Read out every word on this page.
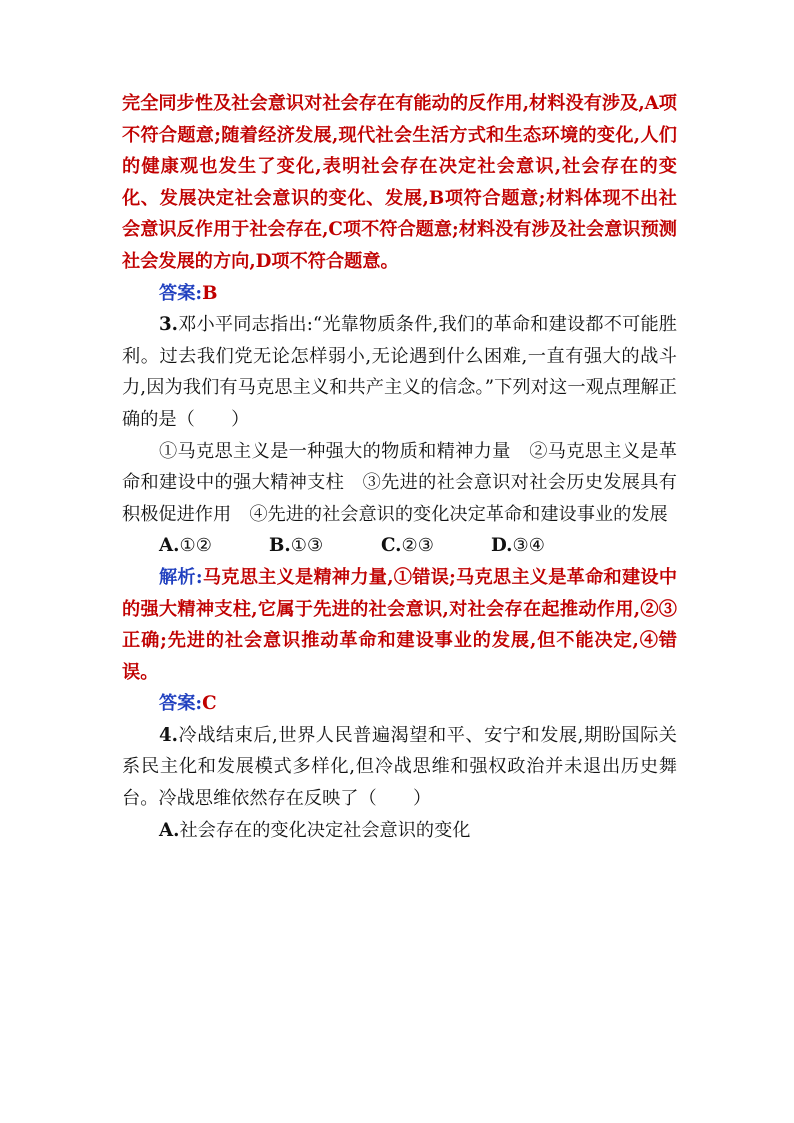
完全同步性及社会意识对社会存在有能动的反作用,材料没有涉及,A项不符合题意;随着经济发展,现代社会生活方式和生态环境的变化,人们的健康观也发生了变化,表明社会存在决定社会意识,社会存在的变化、发展决定社会意识的变化、发展,B项符合题意;材料体现不出社会意识反作用于社会存在,C项不符合题意;材料没有涉及社会意识预测社会发展的方向,D项不符合题意。

答案:B

3.邓小平同志指出:“光靠物质条件,我们的革命和建设都不可能胜利。过去我们党无论怎样弱小,无论遇到什么困难,一直有强大的战斗力,因为我们有马克思主义和共产主义的信念。”下列对这一观点理解正确的是（　　）

①马克思主义是一种强大的物质和精神力量　②马克思主义是革命和建设中的强大精神支柱　③先进的社会意识对社会历史发展具有积极促进作用　④先进的社会意识的变化决定革命和建设事业的发展

A.①②	B.①③	C.②③	D.③④

解析:马克思主义是精神力量,①错误;马克思主义是革命和建设中的强大精神支柱,它属于先进的社会意识,对社会存在起推动作用,②③正确;先进的社会意识推动革命和建设事业的发展,但不能决定,④错误。

答案:C

4.冷战结束后,世界人民普遍渴望和平、安宁和发展,期盼国际关系民主化和发展模式多样化,但冷战思维和强权政治并未退出历史舞台。冷战思维依然存在反映了（　　）

A.社会存在的变化决定社会意识的变化
